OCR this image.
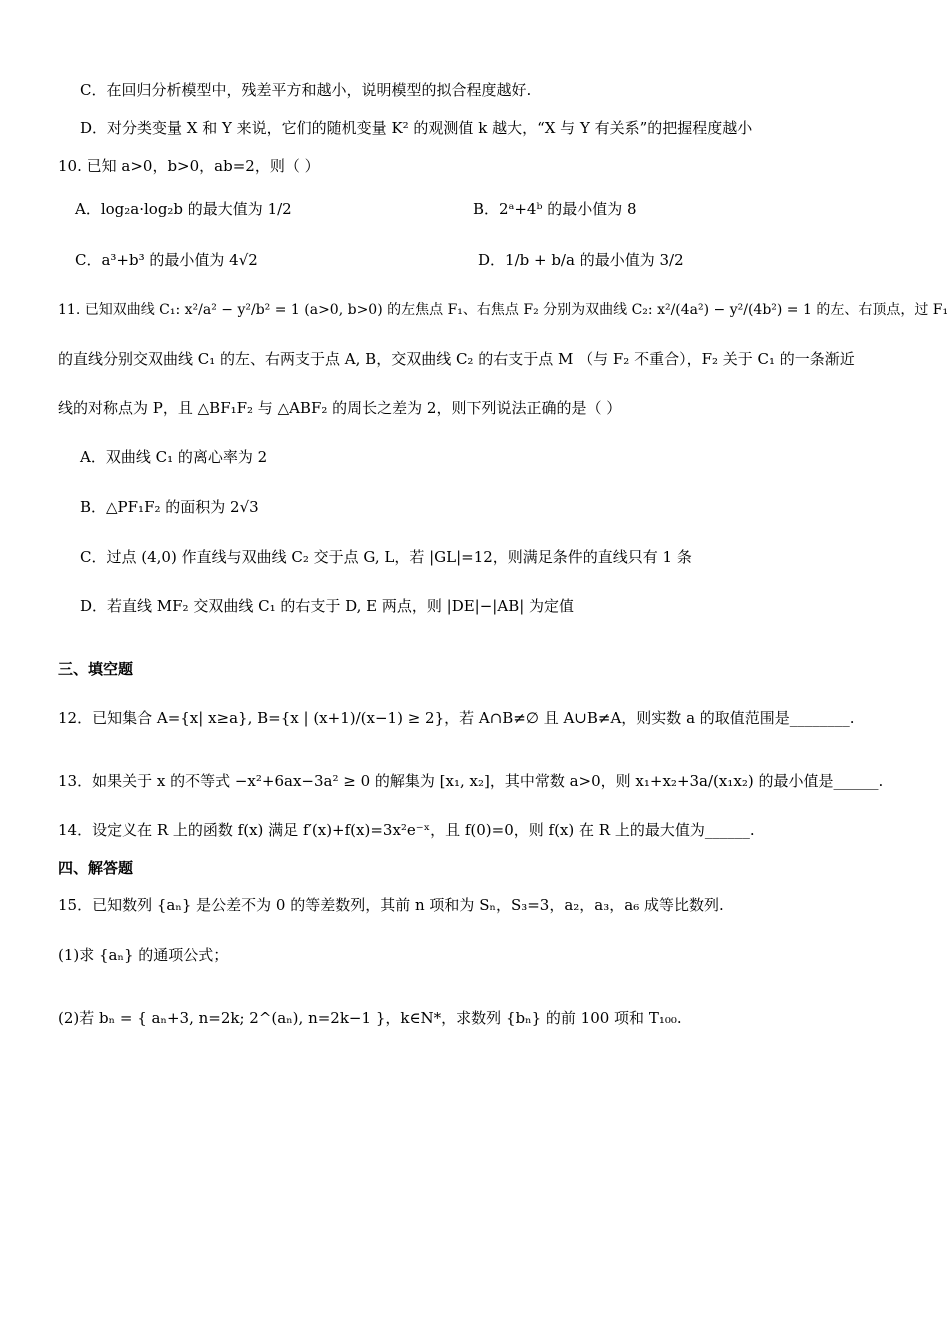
C．在回归分析模型中，残差平方和越小，说明模型的拟合程度越好.
D．对分类变量 X 和 Y 来说，它们的随机变量 K² 的观测值 k 越大，“X 与 Y 有关系”的把握程度越小
10. 已知 a>0，b>0，ab=2，则（ ）
A．log₂a·log₂b 的最大值为 1/2	B．2ᵃ+4ᵇ 的最小值为 8
C．a³+b³ 的最小值为 4√2	D．1/b + b/a 的最小值为 3/2
11. 已知双曲线 C₁: x²/a² − y²/b² = 1 (a>0, b>0) 的左焦点 F₁、右焦点 F₂ 分别为双曲线 C₂: x²/(4a²) − y²/(4b²) = 1 的左、右顶点，过 F₁
的直线分别交双曲线 C₁ 的左、右两支于点 A, B，交双曲线 C₂ 的右支于点 M （与 F₂ 不重合），F₂ 关于 C₁ 的一条渐近
线的对称点为 P，且 △BF₁F₂ 与 △ABF₂ 的周长之差为 2，则下列说法正确的是（ ）
A．双曲线 C₁ 的离心率为 2
B．△PF₁F₂ 的面积为 2√3
C．过点 (4,0) 作直线与双曲线 C₂ 交于点 G, L，若 |GL|=12，则满足条件的直线只有 1 条
D．若直线 MF₂ 交双曲线 C₁ 的右支于 D, E 两点，则 |DE|−|AB| 为定值
三、填空题
12．已知集合 A={x| x≥a}, B={x | (x+1)/(x−1) ≥ 2}，若 A∩B≠∅ 且 A∪B≠A，则实数 a 的取值范围是________.
13．如果关于 x 的不等式 −x²+6ax−3a² ≥ 0 的解集为 [x₁, x₂]，其中常数 a>0，则 x₁+x₂+3a/(x₁x₂) 的最小值是______.
14．设定义在 R 上的函数 f(x) 满足 f′(x)+f(x)=3x²e⁻ˣ，且 f(0)=0，则 f(x) 在 R 上的最大值为______.
四、解答题
15．已知数列 {aₙ} 是公差不为 0 的等差数列，其前 n 项和为 Sₙ，S₃=3，a₂，a₃，a₆ 成等比数列.
(1)求 {aₙ} 的通项公式；
(2)若 bₙ = { aₙ+3, n=2k; 2^(aₙ), n=2k−1 }，k∈N*，求数列 {bₙ} 的前 100 项和 T₁₀₀.
